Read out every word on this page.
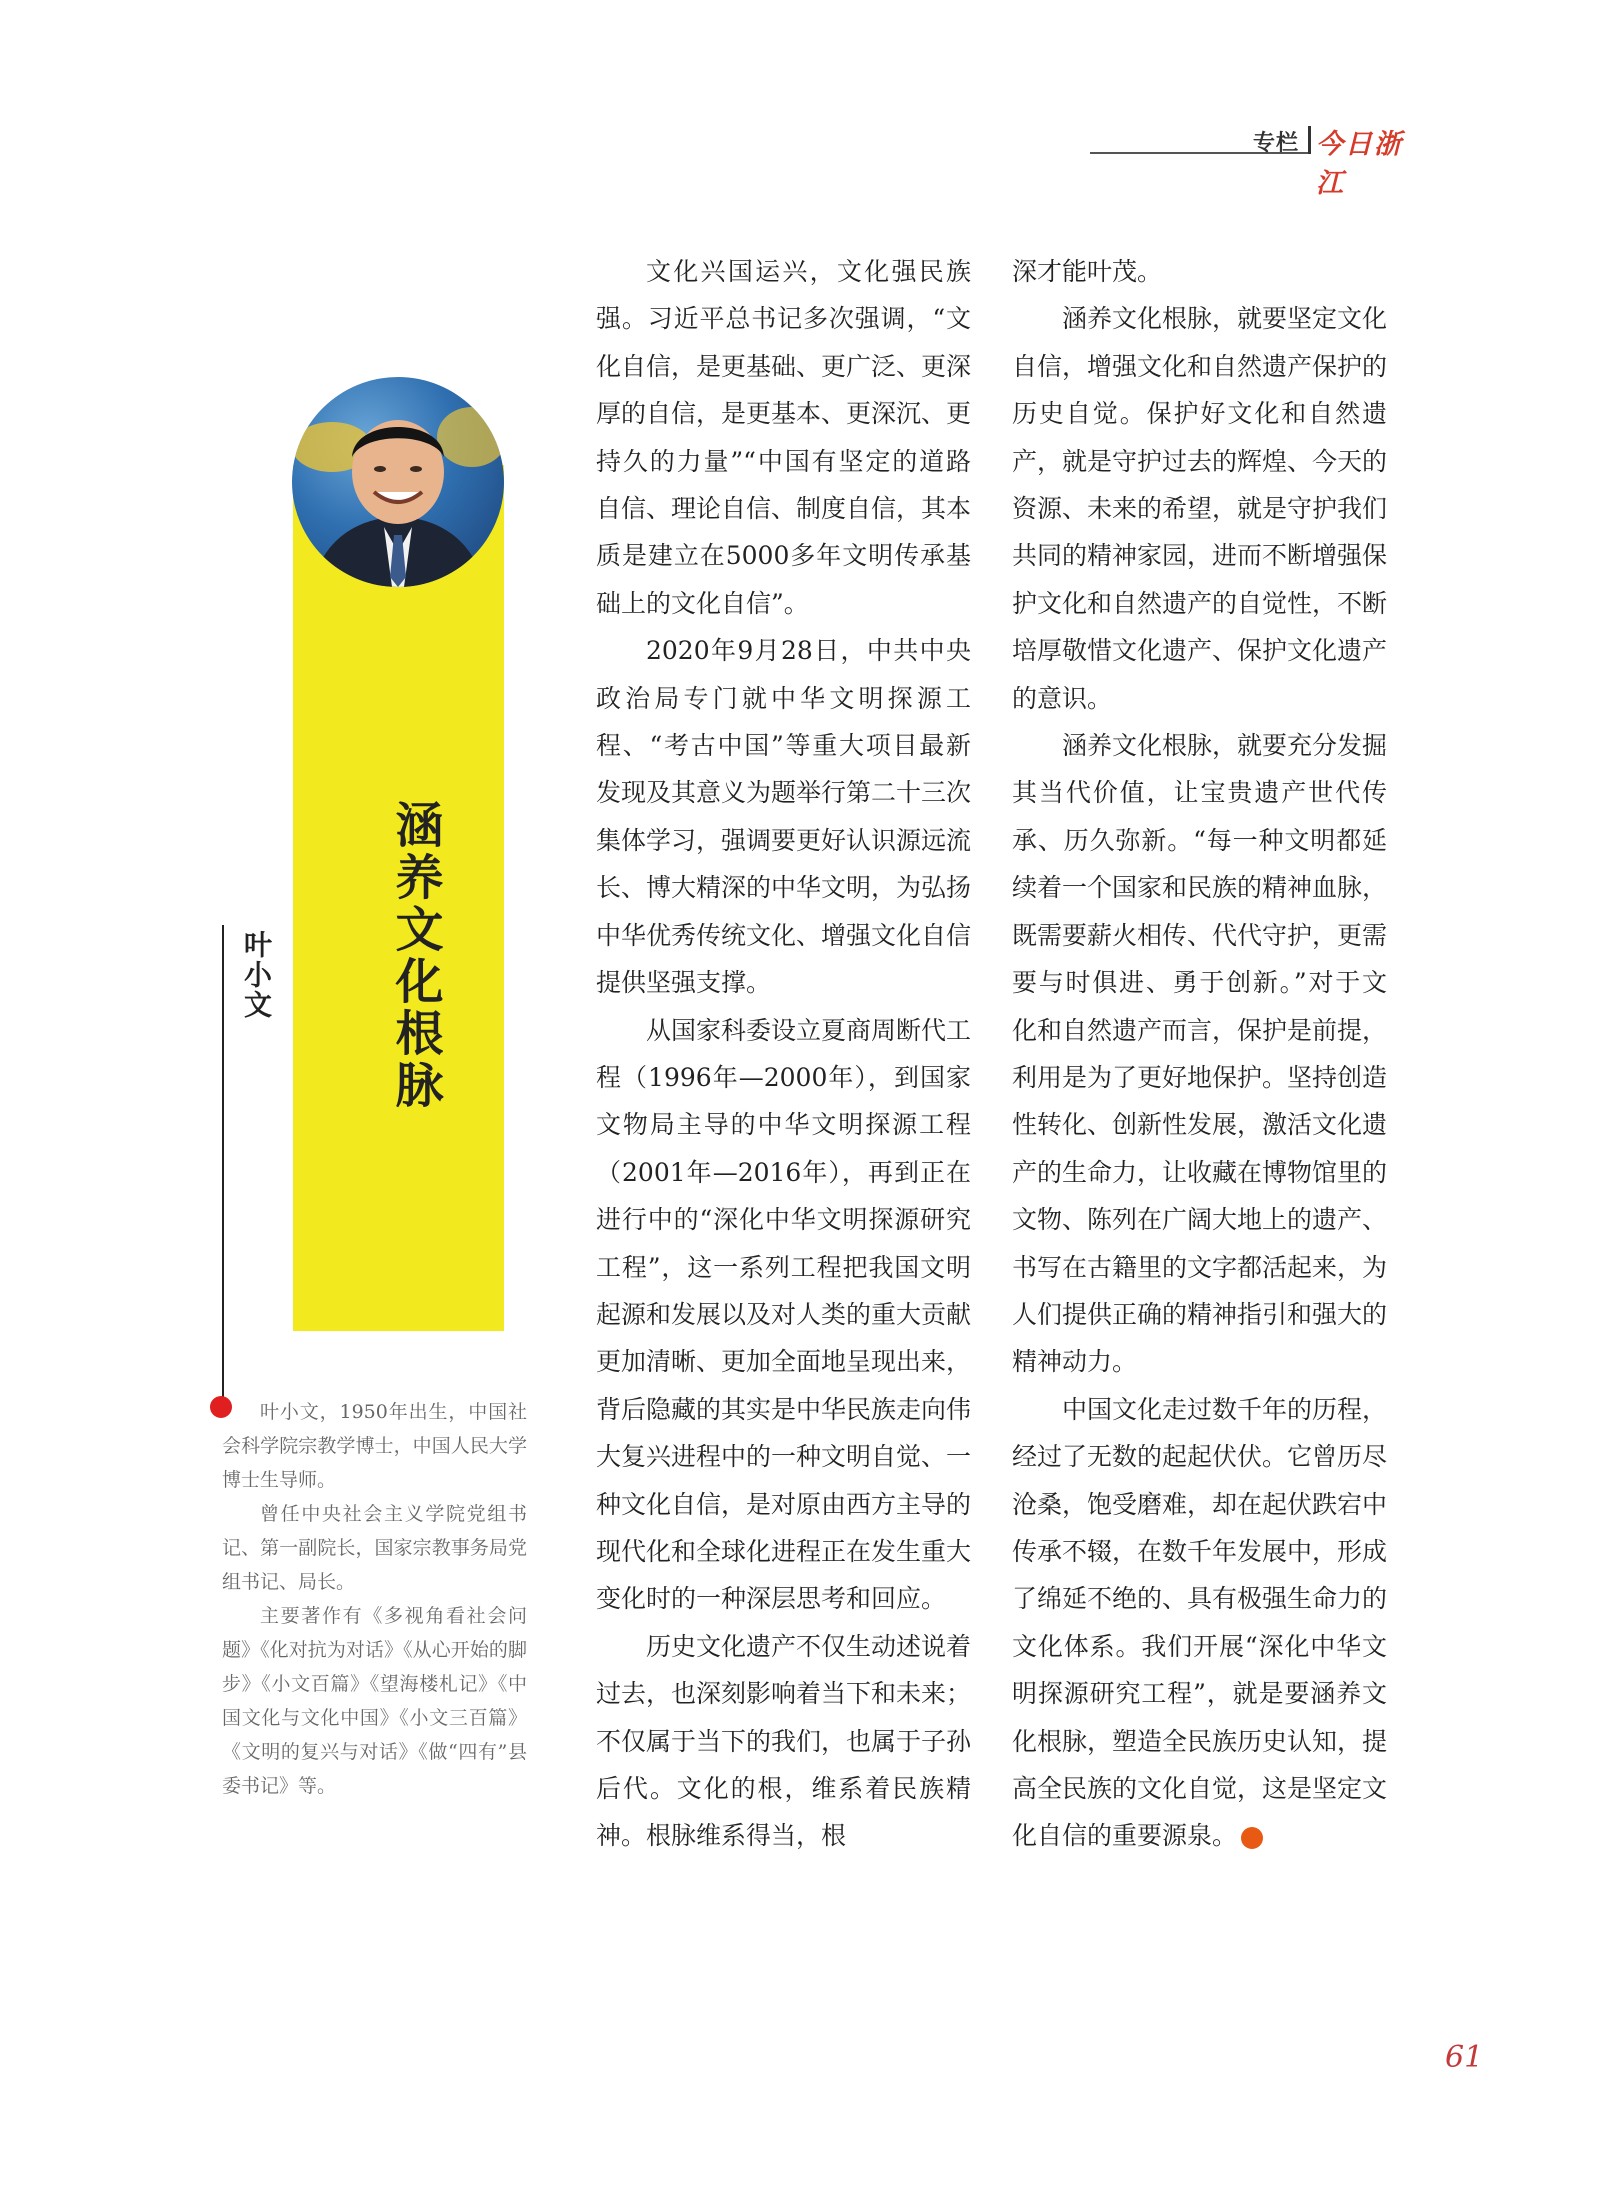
专栏 今日浙江
涵养文化根脉
叶小文

叶小文，1950年出生，中国社会科学院宗教学博士，中国人民大学博士生导师。

曾任中央社会主义学院党组书记、第一副院长，国家宗教事务局党组书记、局长。

主要著作有《多视角看社会问题》《化对抗为对话》《从心开始的脚步》《小文百篇》《望海楼札记》《中国文化与文化中国》《小文三百篇》《文明的复兴与对话》《做“四有”县委书记》等。

文化兴国运兴，文化强民族强。习近平总书记多次强调，“文化自信，是更基础、更广泛、更深厚的自信，是更基本、更深沉、更持久的力量”“中国有坚定的道路自信、理论自信、制度自信，其本质是建立在5000多年文明传承基础上的文化自信”。

2020年9月28日，中共中央政治局专门就中华文明探源工程、“考古中国”等重大项目最新发现及其意义为题举行第二十三次集体学习，强调要更好认识源远流长、博大精深的中华文明，为弘扬中华优秀传统文化、增强文化自信提供坚强支撑。

从国家科委设立夏商周断代工程（1996年—2000年），到国家文物局主导的中华文明探源工程（2001年—2016年），再到正在进行中的“深化中华文明探源研究工程”，这一系列工程把我国文明起源和发展以及对人类的重大贡献更加清晰、更加全面地呈现出来，背后隐藏的其实是中华民族走向伟大复兴进程中的一种文明自觉、一种文化自信，是对原由西方主导的现代化和全球化进程正在发生重大变化时的一种深层思考和回应。

历史文化遗产不仅生动述说着过去，也深刻影响着当下和未来；不仅属于当下的我们，也属于子孙后代。文化的根，维系着民族精神。根脉维系得当，根

深才能叶茂。

涵养文化根脉，就要坚定文化自信，增强文化和自然遗产保护的历史自觉。保护好文化和自然遗产，就是守护过去的辉煌、今天的资源、未来的希望，就是守护我们共同的精神家园，进而不断增强保护文化和自然遗产的自觉性，不断培厚敬惜文化遗产、保护文化遗产的意识。

涵养文化根脉，就要充分发掘其当代价值，让宝贵遗产世代传承、历久弥新。“每一种文明都延续着一个国家和民族的精神血脉，既需要薪火相传、代代守护，更需要与时俱进、勇于创新。”对于文化和自然遗产而言，保护是前提，利用是为了更好地保护。坚持创造性转化、创新性发展，激活文化遗产的生命力，让收藏在博物馆里的文物、陈列在广阔大地上的遗产、书写在古籍里的文字都活起来，为人们提供正确的精神指引和强大的精神动力。

中国文化走过数千年的历程，经过了无数的起起伏伏。它曾历尽沧桑，饱受磨难，却在起伏跌宕中传承不辍，在数千年发展中，形成了绵延不绝的、具有极强生命力的文化体系。我们开展“深化中华文明探源研究工程”，就是要涵养文化根脉，塑造全民族历史认知，提高全民族的文化自觉，这是坚定文化自信的重要源泉。

61
